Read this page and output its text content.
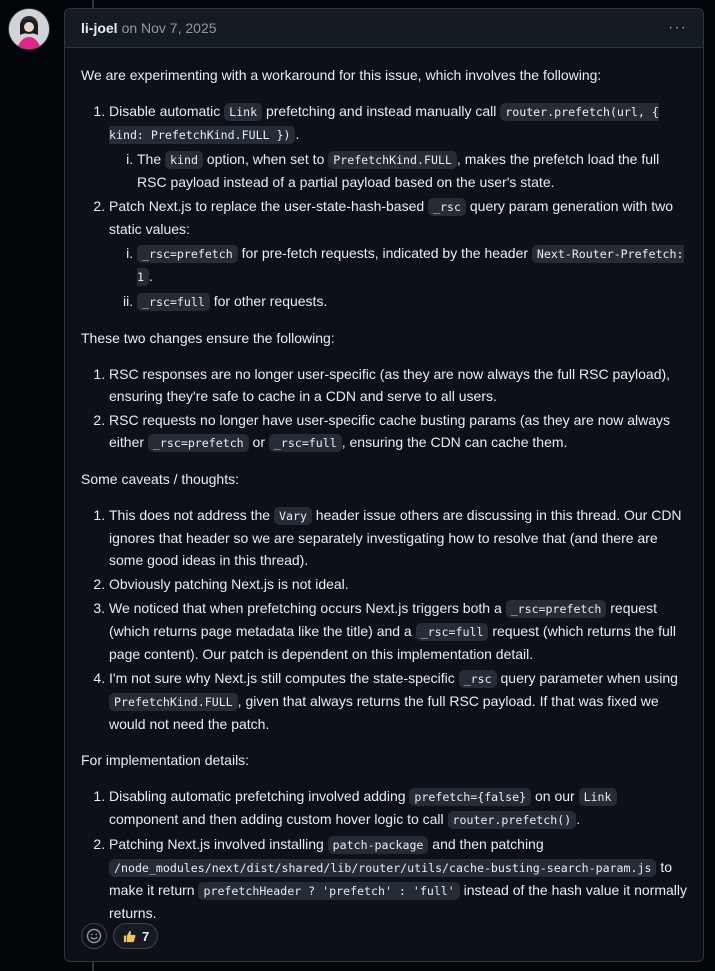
li-joel on Nov 7, 2025	···

We are experimenting with a workaround for this issue, which involves the following:

1. Disable automatic Link prefetching and instead manually call router.prefetch(url, { kind: PrefetchKind.FULL }) .
i. The kind option, when set to PrefetchKind.FULL , makes the prefetch load the full RSC payload instead of a partial payload based on the user's state.
2. Patch Next.js to replace the user-state-hash-based _rsc query param generation with two static values:
i. _rsc=prefetch for pre-fetch requests, indicated by the header Next-Router-Prefetch: 1 .
ii. _rsc=full for other requests.

These two changes ensure the following:

1. RSC responses are no longer user-specific (as they are now always the full RSC payload), ensuring they're safe to cache in a CDN and serve to all users.
2. RSC requests no longer have user-specific cache busting params (as they are now always either _rsc=prefetch or _rsc=full , ensuring the CDN can cache them.

Some caveats / thoughts:

1. This does not address the Vary header issue others are discussing in this thread. Our CDN ignores that header so we are separately investigating how to resolve that (and there are some good ideas in this thread).
2. Obviously patching Next.js is not ideal.
3. We noticed that when prefetching occurs Next.js triggers both a _rsc=prefetch request (which returns page metadata like the title) and a _rsc=full request (which returns the full page content). Our patch is dependent on this implementation detail.
4. I'm not sure why Next.js still computes the state-specific _rsc query parameter when using PrefetchKind.FULL , given that always returns the full RSC payload. If that was fixed we would not need the patch.

For implementation details:

1. Disabling automatic prefetching involved adding prefetch={false} on our Link component and then adding custom hover logic to call router.prefetch() .
2. Patching Next.js involved installing patch-package and then patching /node_modules/next/dist/shared/lib/router/utils/cache-busting-search-param.js to make it return prefetchHeader ? 'prefetch' : 'full' instead of the hash value it normally returns.
7
